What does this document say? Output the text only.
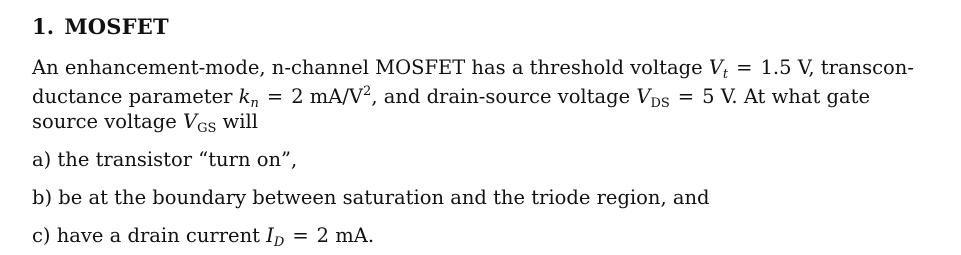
1. MOSFET
An enhancement-mode, n-channel MOSFET has a threshold voltage $V_t = 1.5$ V, transcon-
ductance parameter $k_n = 2$ $mA/V^2$, and drain-source voltage $V_{DS} = 5$ V. At what gate
source voltage $V_{GS}$ will
a) the transistor “turn on”,
b) be at the boundary between saturation and the triode region, and
c) have a drain current $I_D = 2$ mA.
